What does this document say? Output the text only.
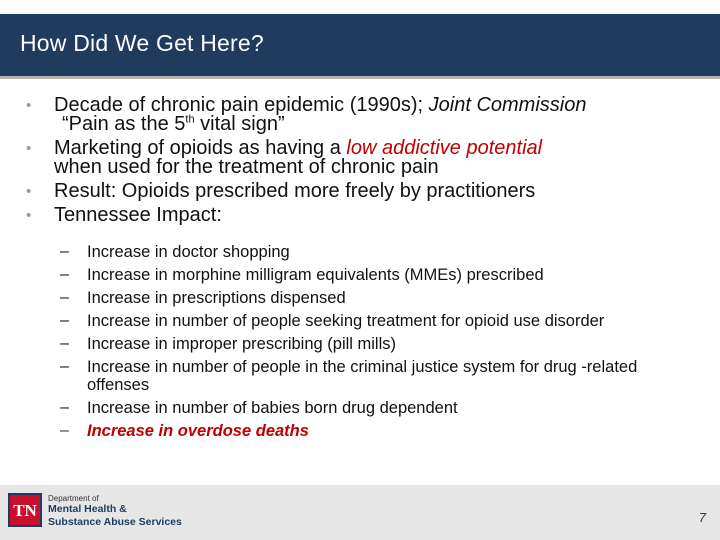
How Did We Get Here?
• Decade of chronic pain epidemic (1990s); Joint Commission
“Pain as the 5th vital sign”
• Marketing of opioids as having a low addictive potential
when used for the treatment of chronic pain
• Result: Opioids prescribed more freely by practitioners
• Tennessee Impact:
– Increase in doctor shopping
– Increase in morphine milligram equivalents (MMEs) prescribed
– Increase in prescriptions dispensed
– Increase in number of people seeking treatment for opioid use disorder
– Increase in improper prescribing (pill mills)
– Increase in number of people in the criminal justice system for drug -related offenses
– Increase in number of babies born drug dependent
– Increase in overdose deaths
TN
Department of
Mental Health &
Substance Abuse Services	7
